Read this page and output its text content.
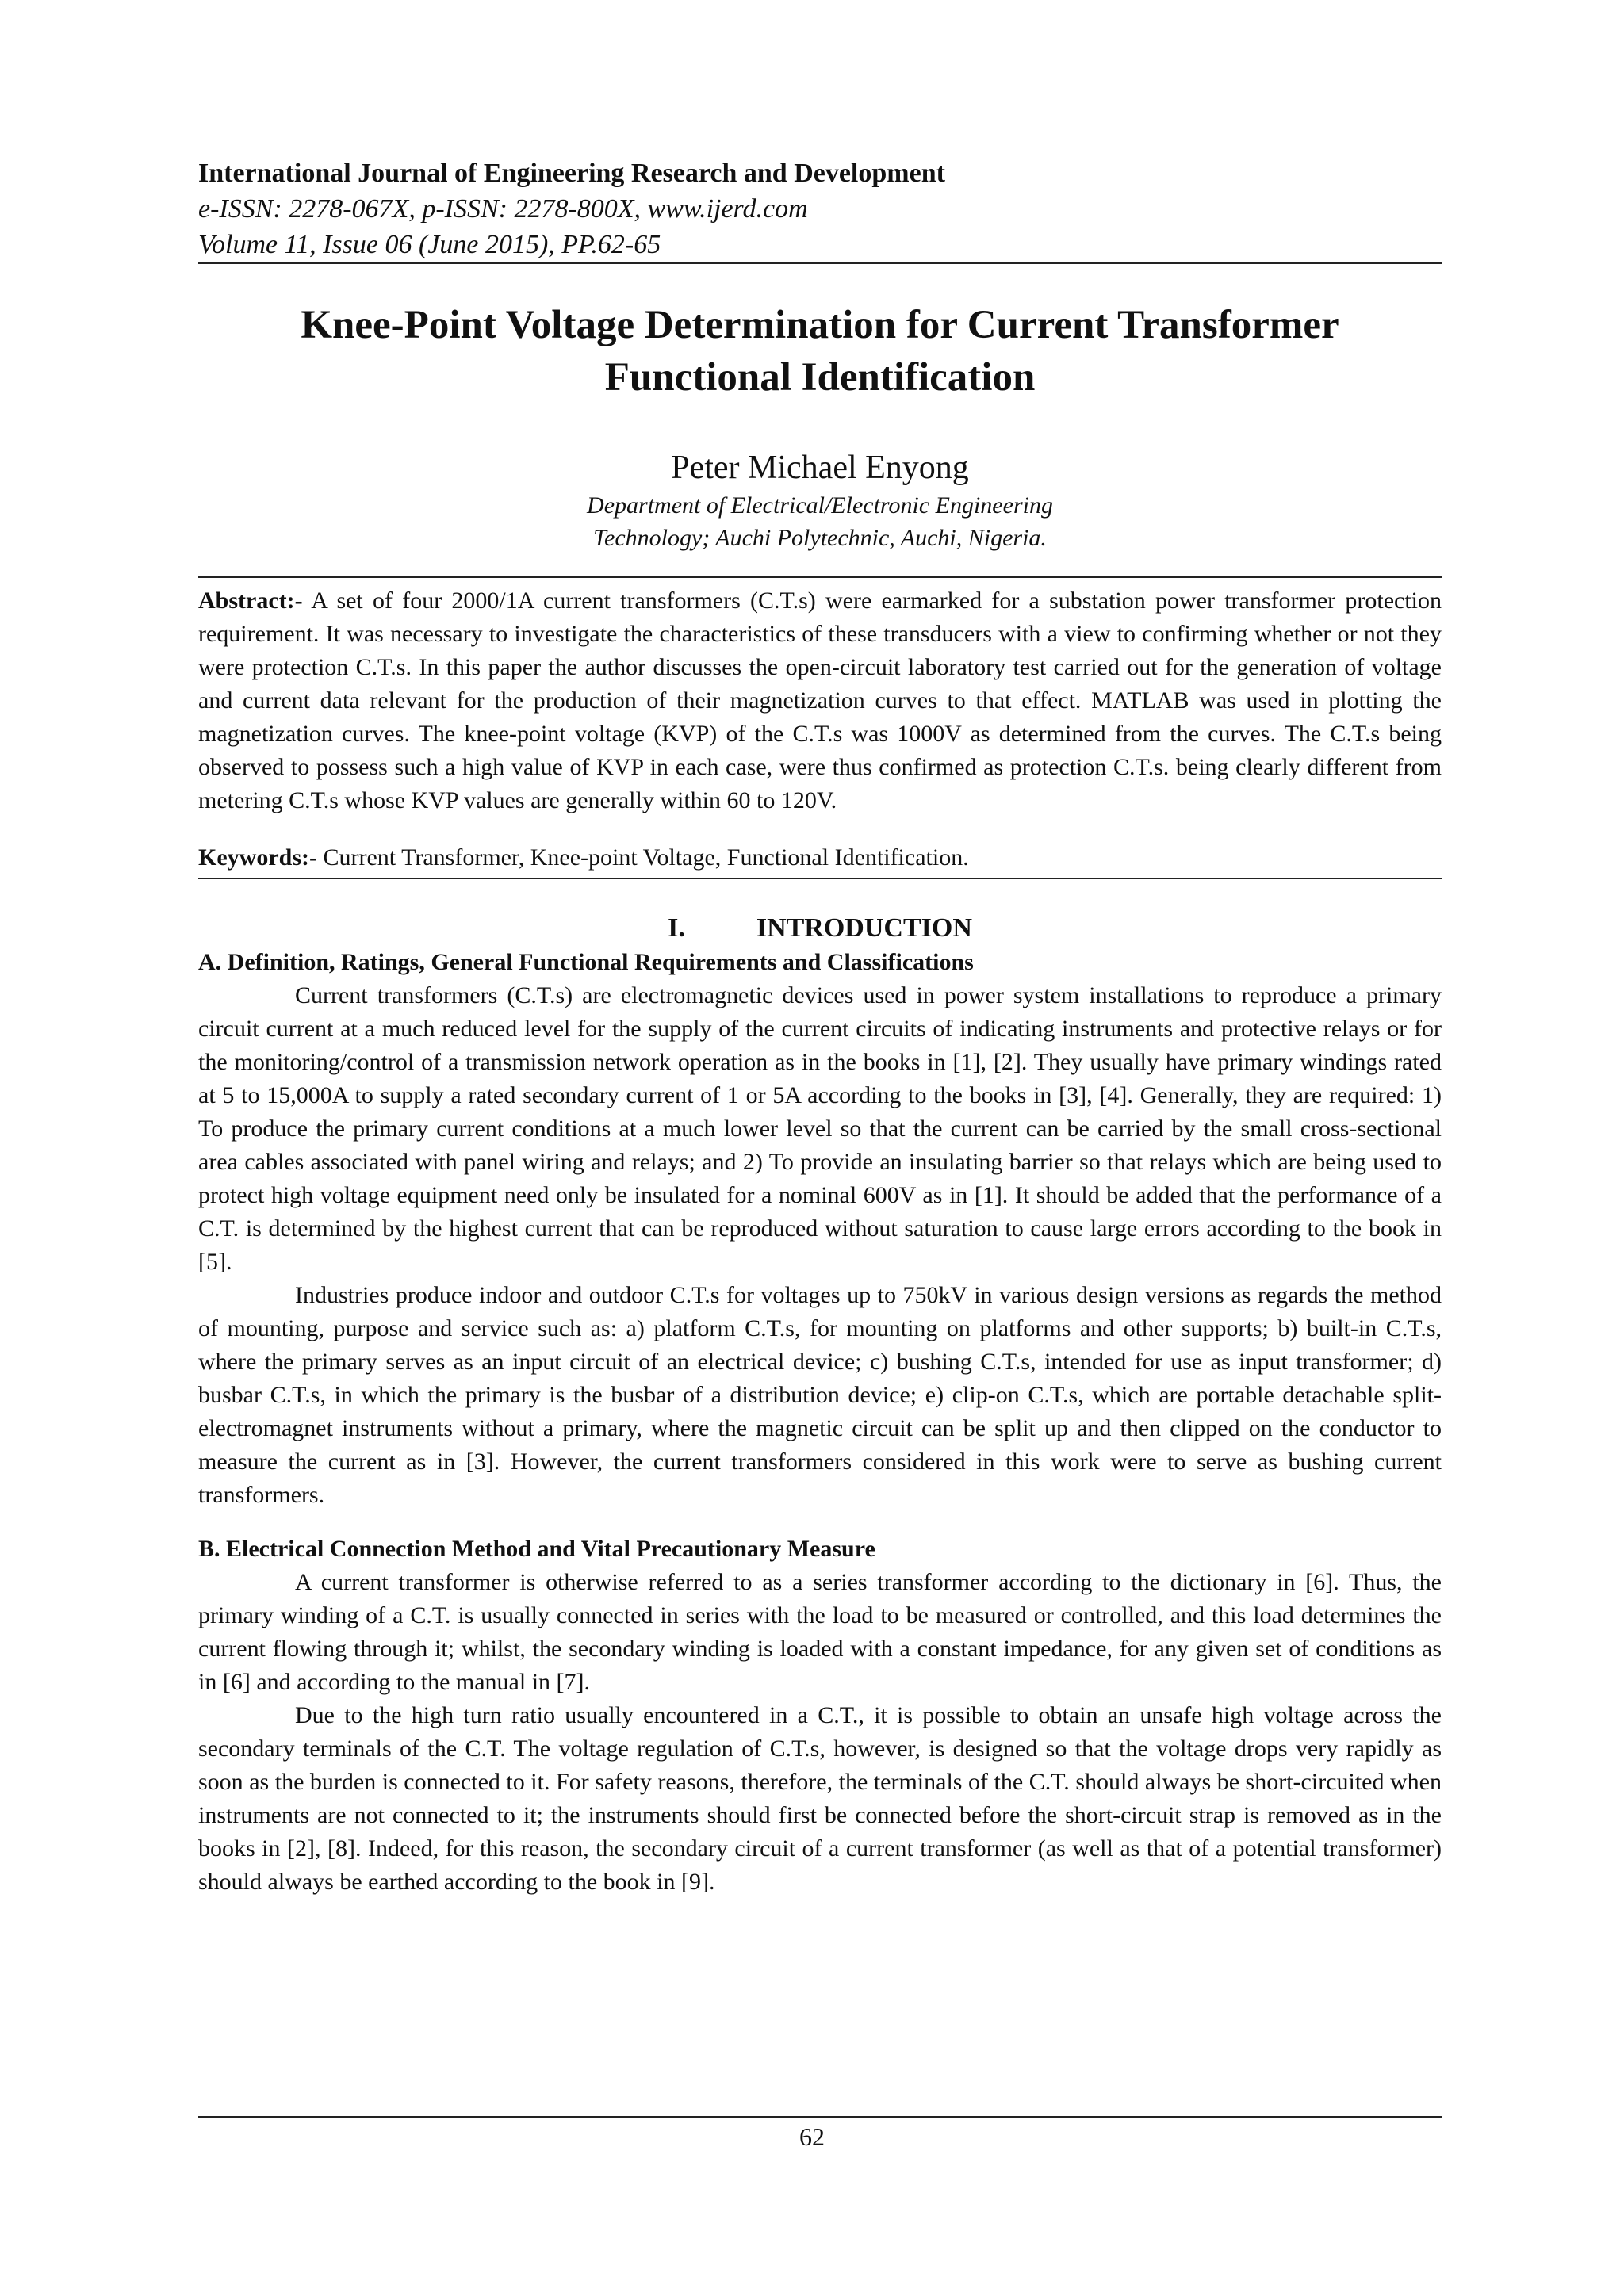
International Journal of Engineering Research and Development
e-ISSN: 2278-067X, p-ISSN: 2278-800X, www.ijerd.com
Volume 11, Issue 06 (June 2015), PP.62-65
Knee-Point Voltage Determination for Current Transformer
Functional Identification
Peter Michael Enyong
Department of Electrical/Electronic Engineering
Technology; Auchi Polytechnic, Auchi, Nigeria.

Abstract:- A set of four 2000/1A current transformers (C.T.s) were earmarked for a substation power transformer protection requirement. It was necessary to investigate the characteristics of these transducers with a view to confirming whether or not they were protection C.T.s. In this paper the author discusses the open-circuit laboratory test carried out for the generation of voltage and current data relevant for the production of their magnetization curves to that effect. MATLAB was used in plotting the magnetization curves. The knee-point voltage (KVP) of the C.T.s was 1000V as determined from the curves. The C.T.s being observed to possess such a high value of KVP in each case, were thus confirmed as protection C.T.s. being clearly different from metering C.T.s whose KVP values are generally within 60 to 120V.

Keywords:- Current Transformer, Knee-point Voltage, Functional Identification.

I.	INTRODUCTION
A. Definition, Ratings, General Functional Requirements and Classifications

Current transformers (C.T.s) are electromagnetic devices used in power system installations to reproduce a primary circuit current at a much reduced level for the supply of the current circuits of indicating instruments and protective relays or for the monitoring/control of a transmission network operation as in the books in [1], [2]. They usually have primary windings rated at 5 to 15,000A to supply a rated secondary current of 1 or 5A according to the books in [3], [4]. Generally, they are required: 1) To produce the primary current conditions at a much lower level so that the current can be carried by the small cross-sectional area cables associated with panel wiring and relays; and 2) To provide an insulating barrier so that relays which are being used to protect high voltage equipment need only be insulated for a nominal 600V as in [1]. It should be added that the performance of a C.T. is determined by the highest current that can be reproduced without saturation to cause large errors according to the book in [5].

Industries produce indoor and outdoor C.T.s for voltages up to 750kV in various design versions as regards the method of mounting, purpose and service such as: a) platform C.T.s, for mounting on platforms and other supports; b) built-in C.T.s, where the primary serves as an input circuit of an electrical device; c) bushing C.T.s, intended for use as input transformer; d) busbar C.T.s, in which the primary is the busbar of a distribution device; e) clip-on C.T.s, which are portable detachable split-electromagnet instruments without a primary, where the magnetic circuit can be split up and then clipped on the conductor to measure the current as in [3]. However, the current transformers considered in this work were to serve as bushing current transformers.

B. Electrical Connection Method and Vital Precautionary Measure

A current transformer is otherwise referred to as a series transformer according to the dictionary in [6]. Thus, the primary winding of a C.T. is usually connected in series with the load to be measured or controlled, and this load determines the current flowing through it; whilst, the secondary winding is loaded with a constant impedance, for any given set of conditions as in [6] and according to the manual in [7].

Due to the high turn ratio usually encountered in a C.T., it is possible to obtain an unsafe high voltage across the secondary terminals of the C.T. The voltage regulation of C.T.s, however, is designed so that the voltage drops very rapidly as soon as the burden is connected to it. For safety reasons, therefore, the terminals of the C.T. should always be short-circuited when instruments are not connected to it; the instruments should first be connected before the short-circuit strap is removed as in the books in [2], [8]. Indeed, for this reason, the secondary circuit of a current transformer (as well as that of a potential transformer) should always be earthed according to the book in [9].

62
